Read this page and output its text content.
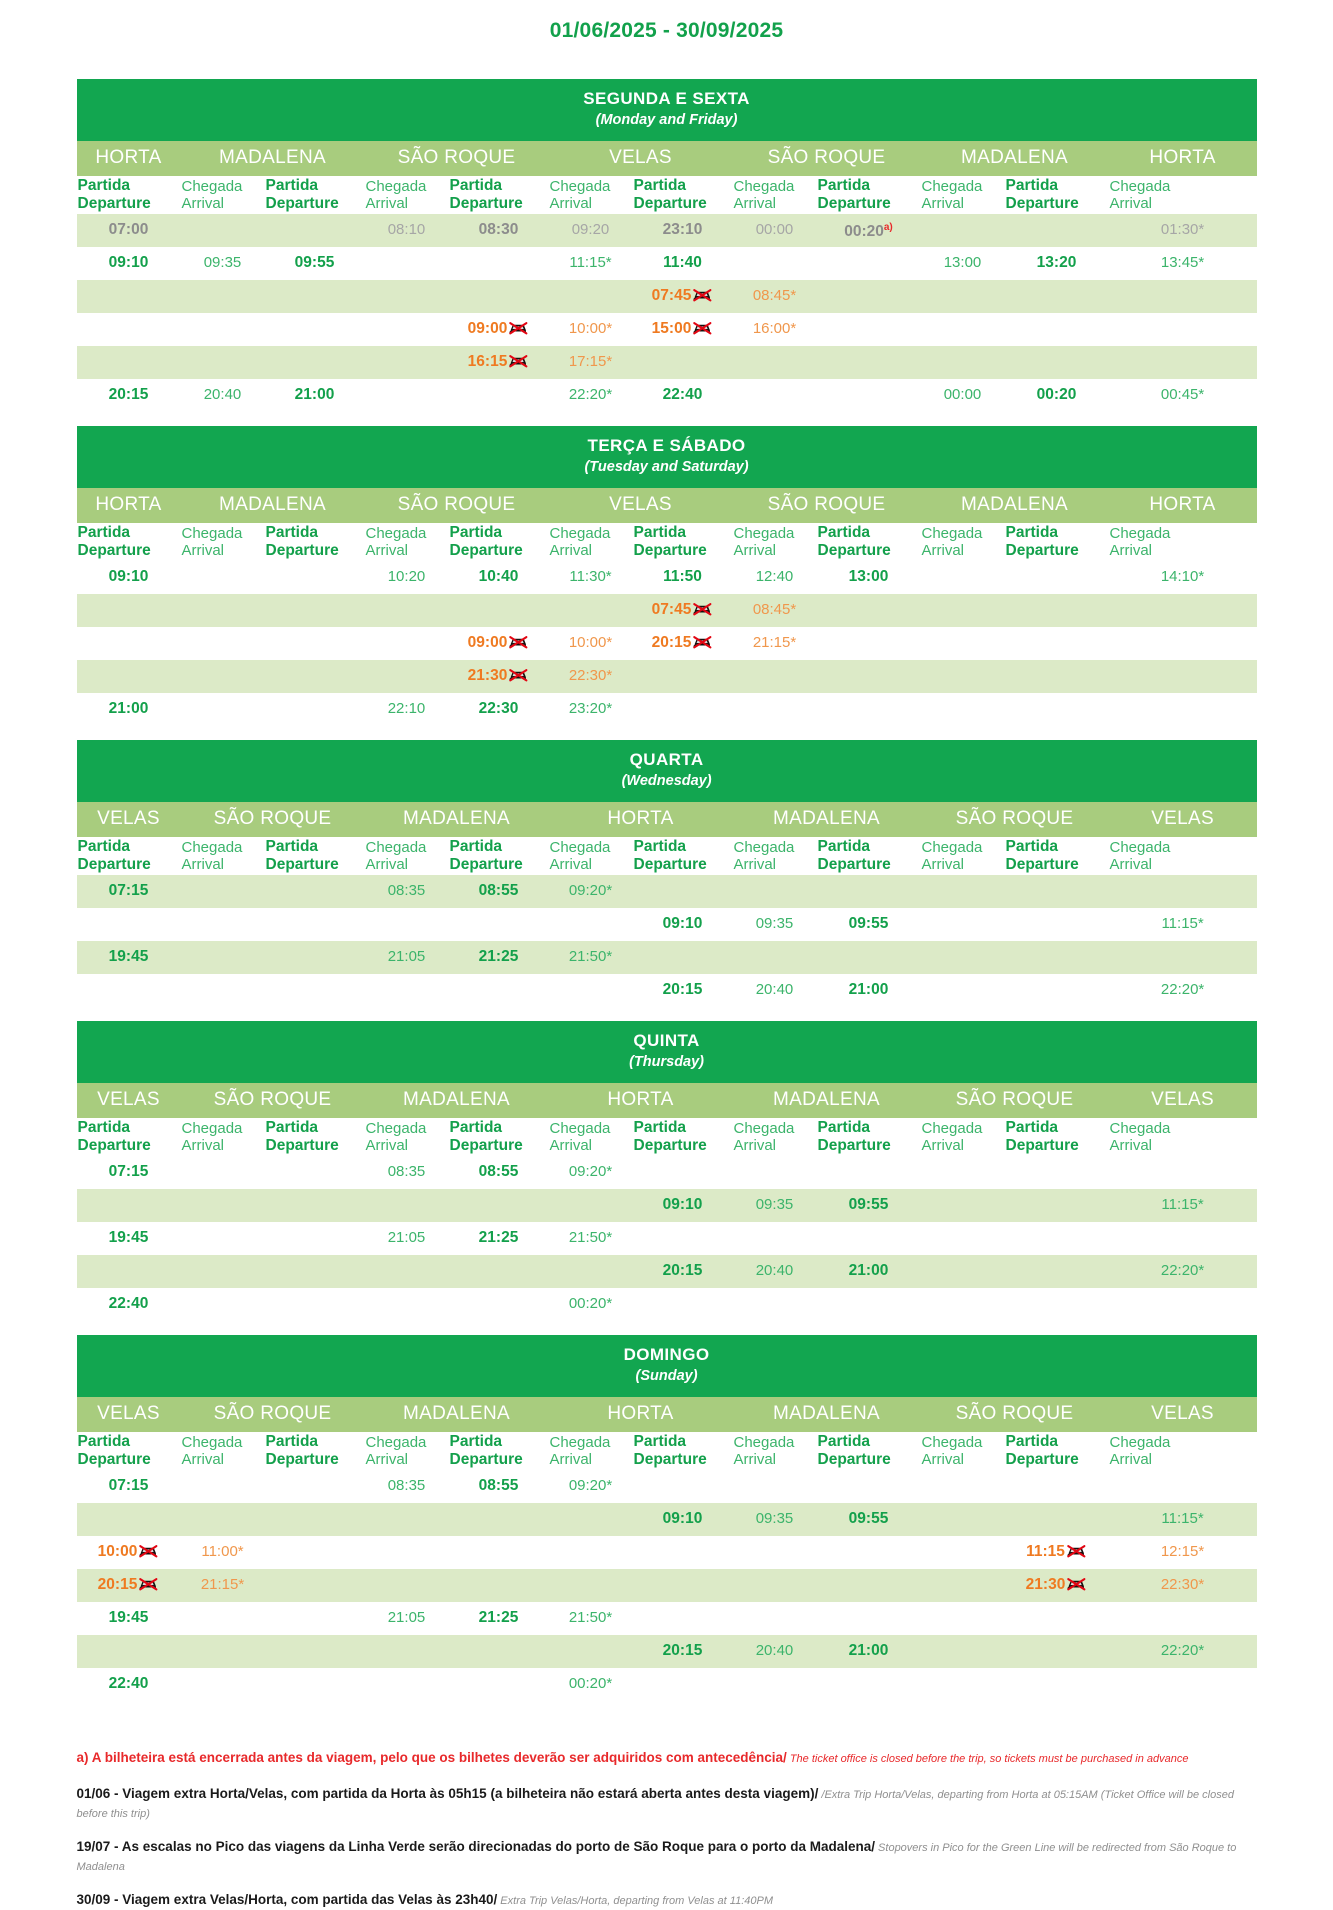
01/06/2025 - 30/09/2025
SEGUNDA E SEXTA
(Monday and Friday)											

HORTA	MADALENA		SÃO ROQUE		VELAS		SÃO ROQUE		MADALENA		HORTA

Partida
Departure	Chegada
Arrival	Partida
Departure	Chegada
Arrival	Partida
Departure	Chegada
Arrival	Partida
Departure	Chegada
Arrival	Partida
Departure	Chegada
Arrival	Partida
Departure	Chegada
Arrival

07:00			08:10	08:30	09:20	23:10	00:00	00:20$^{a)}$			01:30*
09:10	09:35	09:55			11:15*	11:40			13:00	13:20	13:45*
						07:45	08:45*				
				09:00	10:00*	15:00	16:00*				
				16:15	17:15*						
20:15	20:40	21:00			22:20*	22:40			00:00	00:20	00:45*
TERÇA E SÁBADO
(Tuesday and Saturday)											

HORTA	MADALENA		SÃO ROQUE		VELAS		SÃO ROQUE		MADALENA		HORTA

Partida
Departure	Chegada
Arrival	Partida
Departure	Chegada
Arrival	Partida
Departure	Chegada
Arrival	Partida
Departure	Chegada
Arrival	Partida
Departure	Chegada
Arrival	Partida
Departure	Chegada
Arrival

09:10			10:20	10:40	11:30*	11:50	12:40	13:00			14:10*
						07:45	08:45*				
				09:00	10:00*	20:15	21:15*				
				21:30	22:30*						
21:00			22:10	22:30	23:20*						
QUARTA
(Wednesday)											

VELAS	SÃO ROQUE		MADALENA		HORTA		MADALENA		SÃO ROQUE		VELAS

Partida
Departure	Chegada
Arrival	Partida
Departure	Chegada
Arrival	Partida
Departure	Chegada
Arrival	Partida
Departure	Chegada
Arrival	Partida
Departure	Chegada
Arrival	Partida
Departure	Chegada
Arrival

07:15			08:35	08:55	09:20*						
						09:10	09:35	09:55			11:15*
19:45			21:05	21:25	21:50*						
						20:15	20:40	21:00			22:20*
QUINTA
(Thursday)											

VELAS	SÃO ROQUE		MADALENA		HORTA		MADALENA		SÃO ROQUE		VELAS

Partida
Departure	Chegada
Arrival	Partida
Departure	Chegada
Arrival	Partida
Departure	Chegada
Arrival	Partida
Departure	Chegada
Arrival	Partida
Departure	Chegada
Arrival	Partida
Departure	Chegada
Arrival

07:15			08:35	08:55	09:20*						
						09:10	09:35	09:55			11:15*
19:45			21:05	21:25	21:50*						
						20:15	20:40	21:00			22:20*
22:40					00:20*						
DOMINGO
(Sunday)											

VELAS	SÃO ROQUE		MADALENA		HORTA		MADALENA		SÃO ROQUE		VELAS

Partida
Departure	Chegada
Arrival	Partida
Departure	Chegada
Arrival	Partida
Departure	Chegada
Arrival	Partida
Departure	Chegada
Arrival	Partida
Departure	Chegada
Arrival	Partida
Departure	Chegada
Arrival

07:15			08:35	08:55	09:20*						
						09:10	09:35	09:55			11:15*
10:00	11:00*									11:15	12:15*
20:15	21:15*									21:30	22:30*
19:45			21:05	21:25	21:50*						
						20:15	20:40	21:00			22:20*
22:40					00:20*						
a) A bilheteira está encerrada antes da viagem, pelo que os bilhetes deverão ser adquiridos com antecedência/ The ticket office is closed before the trip, so tickets must be purchased in advance
01/06 - Viagem extra Horta/Velas, com partida da Horta às 05h15 (a bilheteira não estará aberta antes desta viagem)/ /Extra Trip Horta/Velas, departing from Horta at 05:15AM (Ticket Office will be closed before this trip)
19/07 - As escalas no Pico das viagens da Linha Verde serão direcionadas do porto de São Roque para o porto da Madalena/ Stopovers in Pico for the Green Line will be redirected from São Roque to Madalena
30/09 - Viagem extra Velas/Horta, com partida das Velas às 23h40/ Extra Trip Velas/Horta, departing from Velas at 11:40PM
